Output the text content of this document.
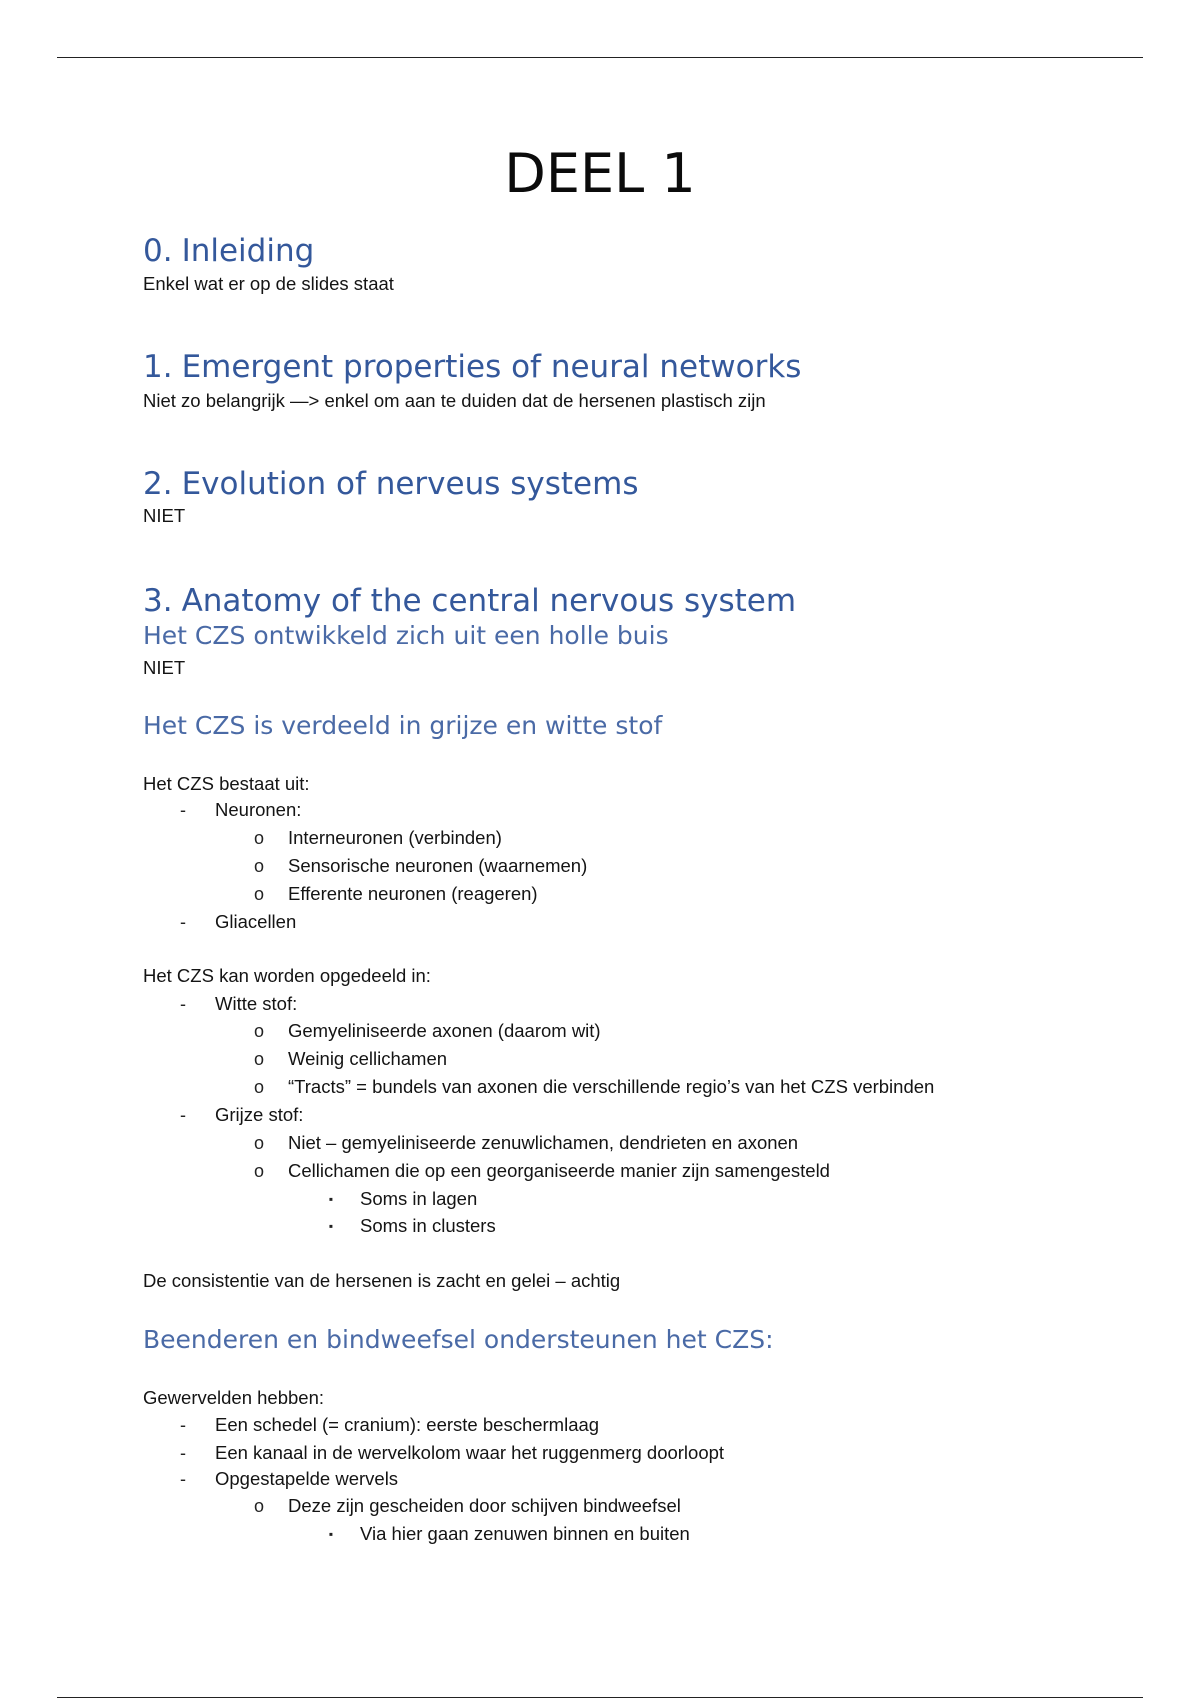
DEEL 1
0. Inleiding

Enkel wat er op de slides staat

1. Emergent properties of neural networks

Niet zo belangrijk —> enkel om aan te duiden dat de hersenen plastisch zijn

2. Evolution of nerveus systems

NIET

3. Anatomy of the central nervous system
Het CZS ontwikkeld zich uit een holle buis

NIET

Het CZS is verdeeld in grijze en witte stof

Het CZS bestaat uit:

-	Neuronen:
o Interneuronen (verbinden)
o Sensorische neuronen (waarnemen)
o Efferente neuronen (reageren)
-	Gliacellen

Het CZS kan worden opgedeeld in:

-	Witte stof:
o Gemyeliniseerde axonen (daarom wit)
o Weinig cellichamen
o “Tracts” = bundels van axonen die verschillende regio’s van het CZS verbinden
-	Grijze stof:
o Niet – gemyeliniseerde zenuwlichamen, dendrieten en axonen
o Cellichamen die op een georganiseerde manier zijn samengesteld
▪	Soms in lagen
▪	Soms in clusters

De consistentie van de hersenen is zacht en gelei – achtig

Beenderen en bindweefsel ondersteunen het CZS:

Gewervelden hebben:

-	Een schedel (= cranium): eerste beschermlaag
-	Een kanaal in de wervelkolom waar het ruggenmerg doorloopt
-	Opgestapelde wervels
o Deze zijn gescheiden door schijven bindweefsel
▪	Via hier gaan zenuwen binnen en buiten
